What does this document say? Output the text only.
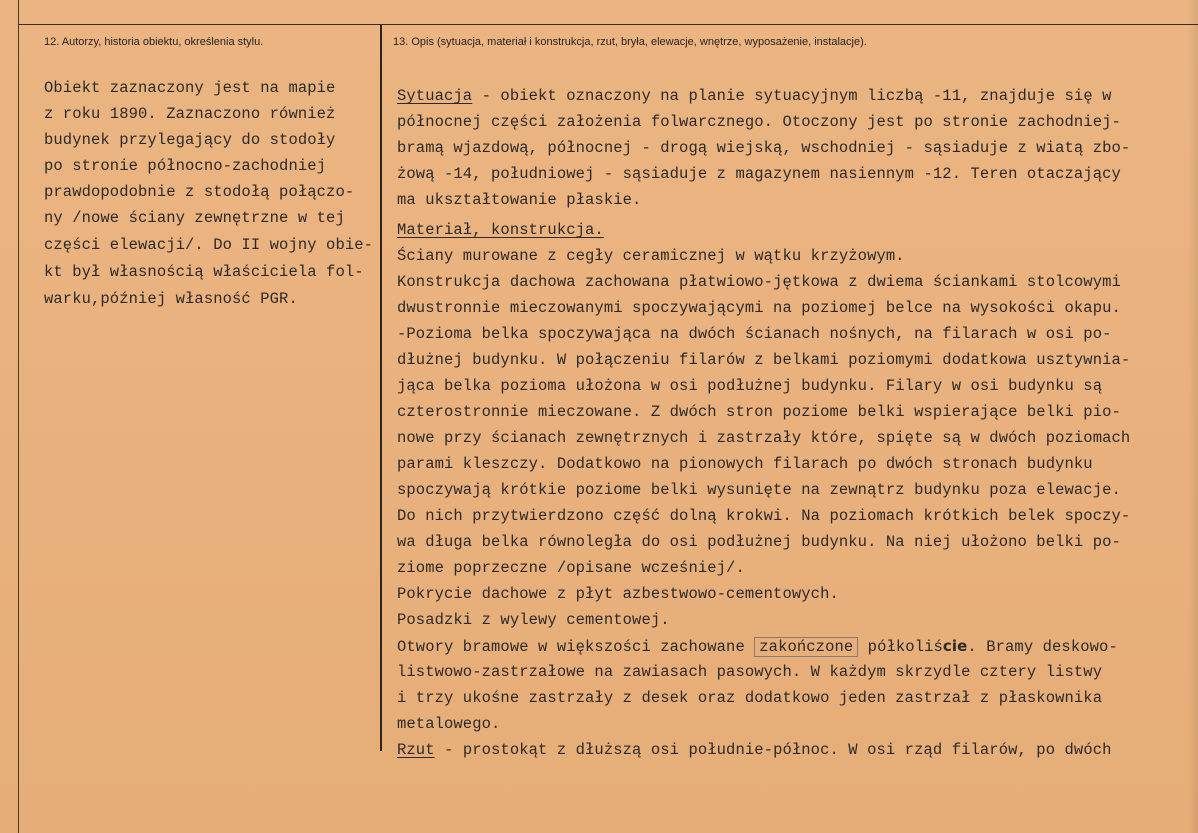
12. Autorzy, historia obiektu, określenia stylu.	13. Opis (sytuacja, materiał i konstrukcja, rzut, bryła, elewacje, wnętrze, wyposażenie, instalacje).
Obiekt zaznaczony jest na mapie
z roku 1890. Zaznaczono również
budynek przylegający do stodoły
po stronie północno-zachodniej
prawdopodobnie z stodołą połączo-
ny /nowe ściany zewnętrzne w tej
części elewacji/. Do II wojny obie-
kt był własnością właściciela fol-
warku,później własność PGR.
Sytuacja - obiekt oznaczony na planie sytuacyjnym liczbą -11, znajduje się w
północnej części założenia folwarcznego. Otoczony jest po stronie zachodniej-
bramą wjazdową, północnej - drogą wiejską, wschodniej - sąsiaduje z wiatą zbo-
żową -14, południowej - sąsiaduje z magazynem nasiennym -12. Teren otaczający
ma ukształtowanie płaskie.
Materiał, konstrukcja.
Ściany murowane z cegły ceramicznej w wątku krzyżowym.
Konstrukcja dachowa zachowana płatwiowo-jętkowa z dwiema ściankami stolcowymi
dwustronnie mieczowanymi spoczywającymi na poziomej belce na wysokości okapu.
-Pozioma belka spoczywająca na dwóch ścianach nośnych, na filarach w osi po-
dłużnej budynku. W połączeniu filarów z belkami poziomymi dodatkowa usztywnia-
jąca belka pozioma ułożona w osi podłużnej budynku. Filary w osi budynku są
czterostronnie mieczowane. Z dwóch stron poziome belki wspierające belki pio-
nowe przy ścianach zewnętrznych i zastrzały które, spięte są w dwóch poziomach
parami kleszczy. Dodatkowo na pionowych filarach po dwóch stronach budynku
spoczywają krótkie poziome belki wysunięte na zewnątrz budynku poza elewacje.
Do nich przytwierdzono część dolną krokwi. Na poziomach krótkich belek spoczy-
wa długa belka równoległa do osi podłużnej budynku. Na niej ułożono belki po-
ziome poprzeczne /opisane wcześniej/.
Pokrycie dachowe z płyt azbestwowo-cementowych.
Posadzki z wylewy cementowej.
Otwory bramowe w większości zachowane zakończone półkoliście. Bramy deskowo-
listwowo-zastrzałowe na zawiasach pasowych. W każdym skrzydle cztery listwy
i trzy ukośne zastrzały z desek oraz dodatkowo jeden zastrzał z płaskownika
metalowego.
Rzut - prostokąt z dłuższą osi południe-północ. W osi rząd filarów, po dwóch
